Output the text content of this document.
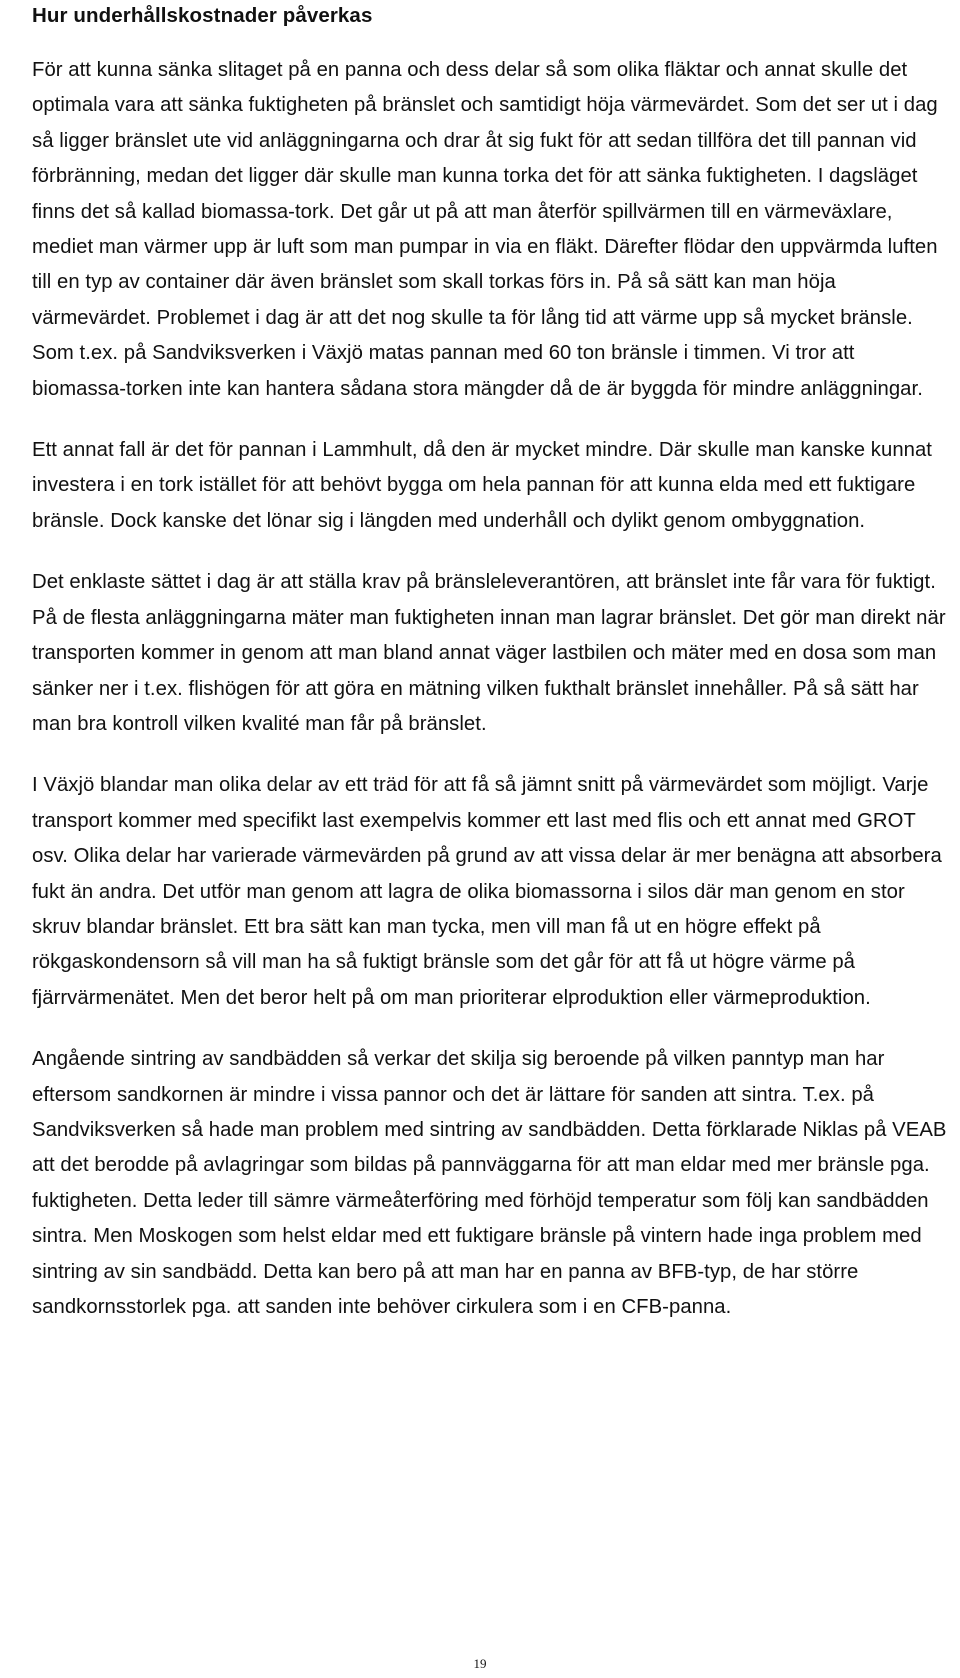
Hur underhållskostnader påverkas

För att kunna sänka slitaget på en panna och dess delar så som olika fläktar och annat skulle det optimala vara att sänka fuktigheten på bränslet och samtidigt höja värmevärdet. Som det ser ut i dag så ligger bränslet ute vid anläggningarna och drar åt sig fukt för att sedan tillföra det till pannan vid förbränning, medan det ligger där skulle man kunna torka det för att sänka fuktigheten. I dagsläget finns det så kallad biomassa-tork. Det går ut på att man återför spillvärmen till en värmeväxlare, mediet man värmer upp är luft som man pumpar in via en fläkt. Därefter flödar den uppvärmda luften till en typ av container där även bränslet som skall torkas förs in. På så sätt kan man höja värmevärdet. Problemet i dag är att det nog skulle ta för lång tid att värme upp så mycket bränsle. Som t.ex. på Sandviksverken i Växjö matas pannan med 60 ton bränsle i timmen. Vi tror att biomassa-torken inte kan hantera sådana stora mängder då de är byggda för mindre anläggningar.

Ett annat fall är det för pannan i Lammhult, då den är mycket mindre. Där skulle man kanske kunnat investera i en tork istället för att behövt bygga om hela pannan för att kunna elda med ett fuktigare bränsle. Dock kanske det lönar sig i längden med underhåll och dylikt genom ombyggnation.

Det enklaste sättet i dag är att ställa krav på bränsleleverantören, att bränslet inte får vara för fuktigt. På de flesta anläggningarna mäter man fuktigheten innan man lagrar bränslet. Det gör man direkt när transporten kommer in genom att man bland annat väger lastbilen och mäter med en dosa som man sänker ner i t.ex. flishögen för att göra en mätning vilken fukthalt bränslet innehåller. På så sätt har man bra kontroll vilken kvalité man får på bränslet.

I Växjö blandar man olika delar av ett träd för att få så jämnt snitt på värmevärdet som möjligt. Varje transport kommer med specifikt last exempelvis kommer ett last med flis och ett annat med GROT osv. Olika delar har varierade värmevärden på grund av att vissa delar är mer benägna att absorbera fukt än andra. Det utför man genom att lagra de olika biomassorna i silos där man genom en stor skruv blandar bränslet. Ett bra sätt kan man tycka, men vill man få ut en högre effekt på rökgaskondensorn så vill man ha så fuktigt bränsle som det går för att få ut högre värme på fjärrvärmenätet. Men det beror helt på om man prioriterar elproduktion eller värmeproduktion.

Angående sintring av sandbädden så verkar det skilja sig beroende på vilken panntyp man har eftersom sandkornen är mindre i vissa pannor och det är lättare för sanden att sintra. T.ex. på Sandviksverken så hade man problem med sintring av sandbädden. Detta förklarade Niklas på VEAB att det berodde på avlagringar som bildas på pannväggarna för att man eldar med mer bränsle pga. fuktigheten. Detta leder till sämre värmeåterföring med förhöjd temperatur som följ kan sandbädden sintra. Men Moskogen som helst eldar med ett fuktigare bränsle på vintern hade inga problem med sintring av sin sandbädd. Detta kan bero på att man har en panna av BFB-typ, de har större sandkornsstorlek pga. att sanden inte behöver cirkulera som i en CFB-panna.

19
